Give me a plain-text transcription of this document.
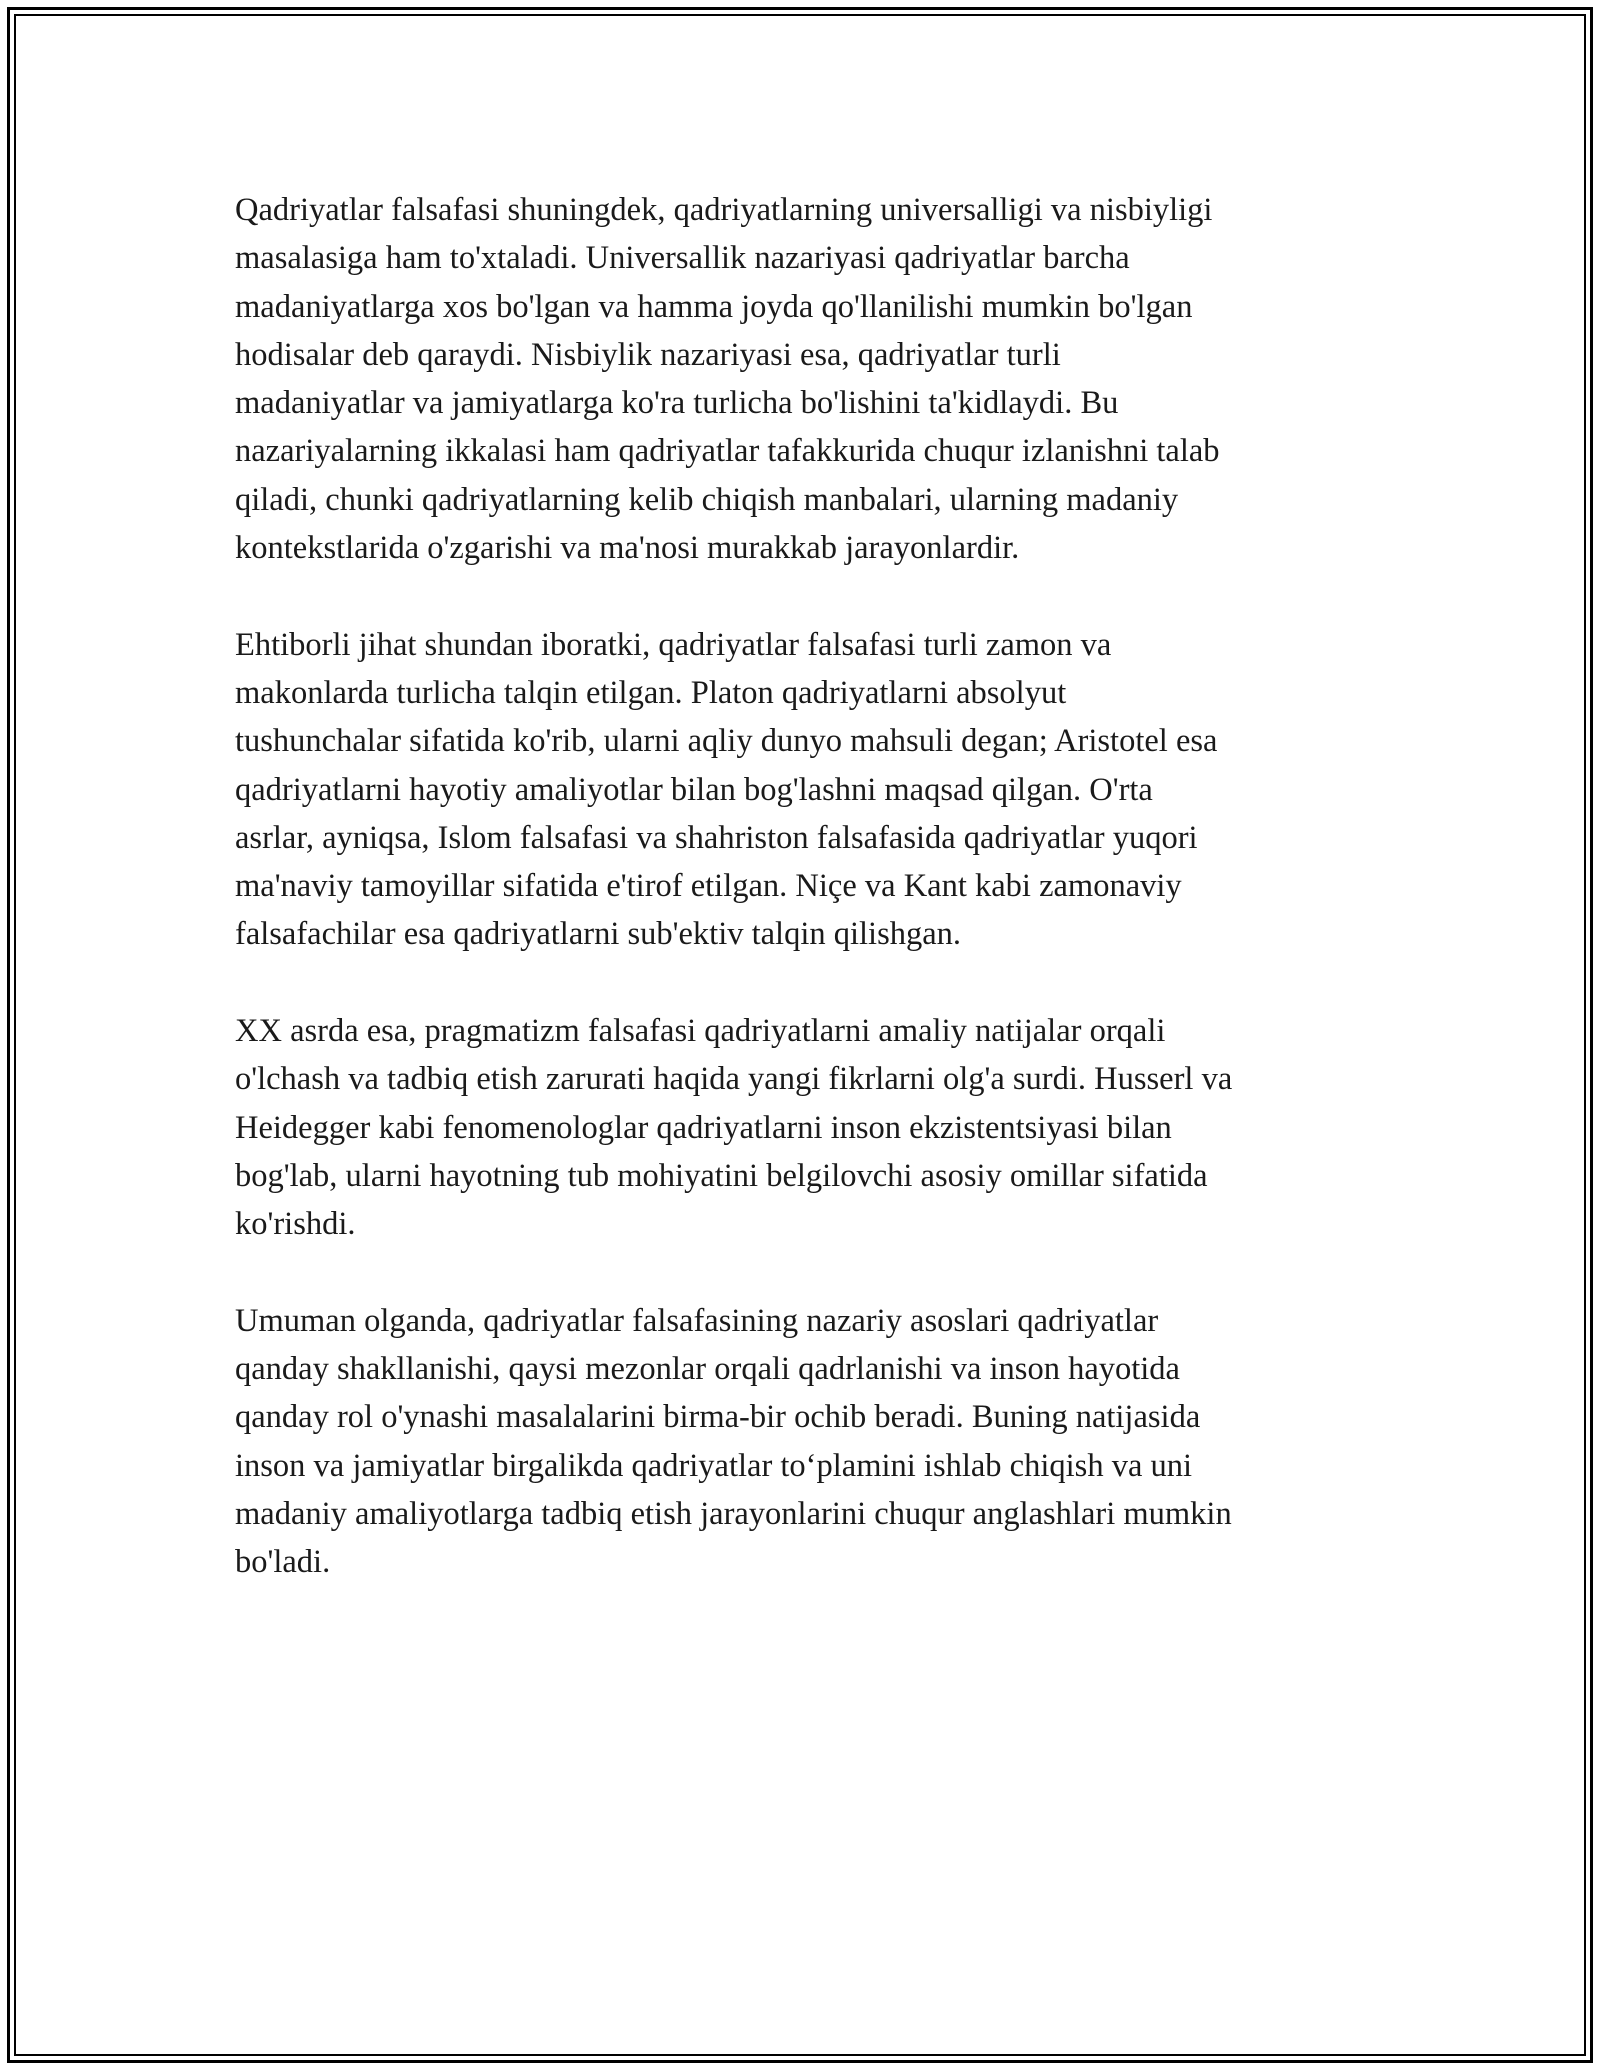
Qadriyatlar falsafasi shuningdek, qadriyatlarning universalligi va nisbiyligi
masalasiga ham to'xtaladi. Universallik nazariyasi qadriyatlar barcha
madaniyatlarga xos bo'lgan va hamma joyda qo'llanilishi mumkin bo'lgan
hodisalar deb qaraydi. Nisbiylik nazariyasi esa, qadriyatlar turli
madaniyatlar va jamiyatlarga ko'ra turlicha bo'lishini ta'kidlaydi. Bu
nazariyalarning ikkalasi ham qadriyatlar tafakkurida chuqur izlanishni talab
qiladi, chunki qadriyatlarning kelib chiqish manbalari, ularning madaniy
kontekstlarida o'zgarishi va ma'nosi murakkab jarayonlardir.

Ehtiborli jihat shundan iboratki, qadriyatlar falsafasi turli zamon va
makonlarda turlicha talqin etilgan. Platon qadriyatlarni absolyut
tushunchalar sifatida ko'rib, ularni aqliy dunyo mahsuli degan; Aristotel esa
qadriyatlarni hayotiy amaliyotlar bilan bog'lashni maqsad qilgan. O'rta
asrlar, ayniqsa, Islom falsafasi va shahriston falsafasida qadriyatlar yuqori
ma'naviy tamoyillar sifatida e'tirof etilgan. Niçe va Kant kabi zamonaviy
falsafachilar esa qadriyatlarni sub'ektiv talqin qilishgan.

XX asrda esa, pragmatizm falsafasi qadriyatlarni amaliy natijalar orqali
o'lchash va tadbiq etish zarurati haqida yangi fikrlarni olg'a surdi. Husserl va
Heidegger kabi fenomenologlar qadriyatlarni inson ekzistentsiyasi bilan
bog'lab, ularni hayotning tub mohiyatini belgilovchi asosiy omillar sifatida
ko'rishdi.

Umuman olganda, qadriyatlar falsafasining nazariy asoslari qadriyatlar
qanday shakllanishi, qaysi mezonlar orqali qadrlanishi va inson hayotida
qanday rol o'ynashi masalalarini birma-bir ochib beradi. Buning natijasida
inson va jamiyatlar birgalikda qadriyatlar to‘plamini ishlab chiqish va uni
madaniy amaliyotlarga tadbiq etish jarayonlarini chuqur anglashlari mumkin
bo'ladi.
